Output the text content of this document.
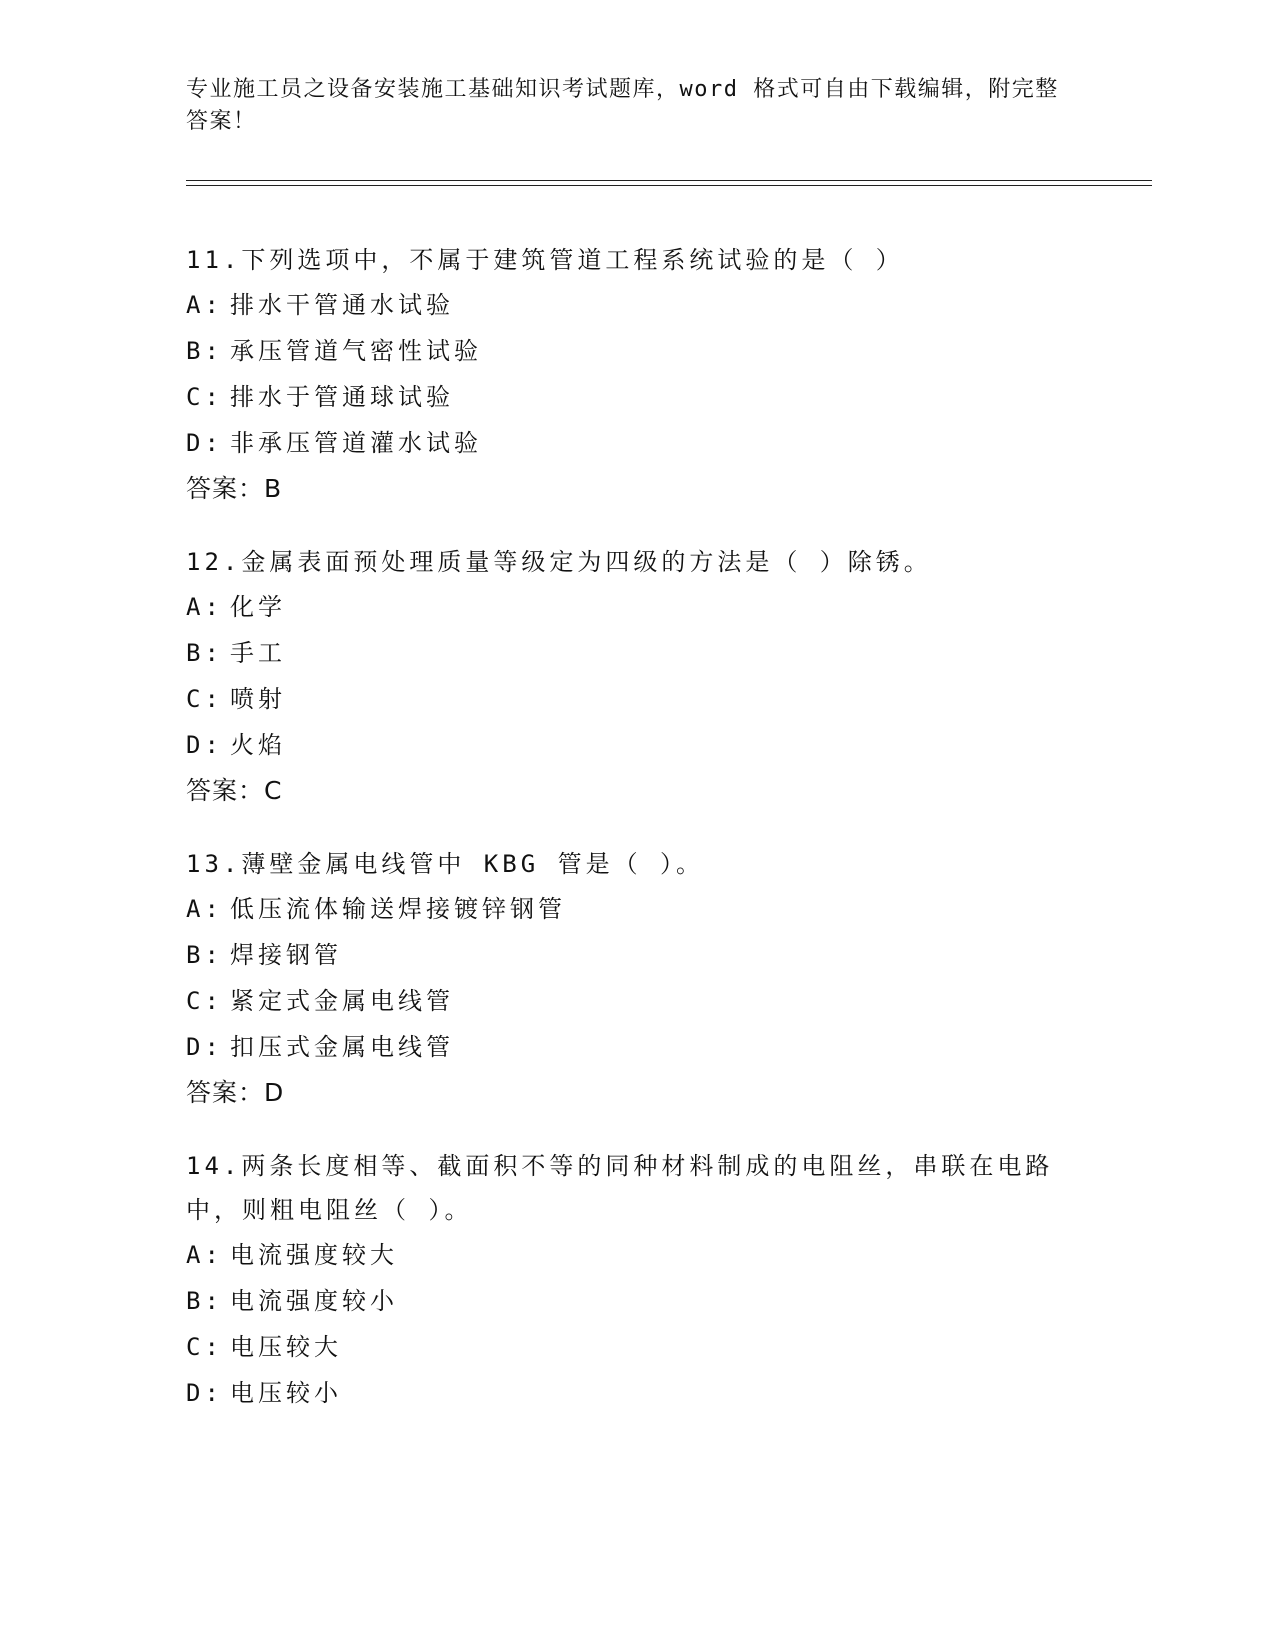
专业施工员之设备安装施工基础知识考试题库，word 格式可自由下载编辑，附完整答案！
11.下列选项中，不属于建筑管道工程系统试验的是（ ）
A: 排水干管通水试验
B: 承压管道气密性试验
C: 排水于管通球试验
D: 非承压管道灌水试验
答案：B
12.金属表面预处理质量等级定为四级的方法是（ ）除锈。
A: 化学
B: 手工
C: 喷射
D: 火焰
答案：C
13.薄壁金属电线管中 KBG 管是（ ）。
A: 低压流体输送焊接镀锌钢管
B: 焊接钢管
C: 紧定式金属电线管
D: 扣压式金属电线管
答案：D
14.两条长度相等、截面积不等的同种材料制成的电阻丝，串联在电路中，则粗电阻丝（ ）。
A: 电流强度较大
B: 电流强度较小
C: 电压较大
D: 电压较小
